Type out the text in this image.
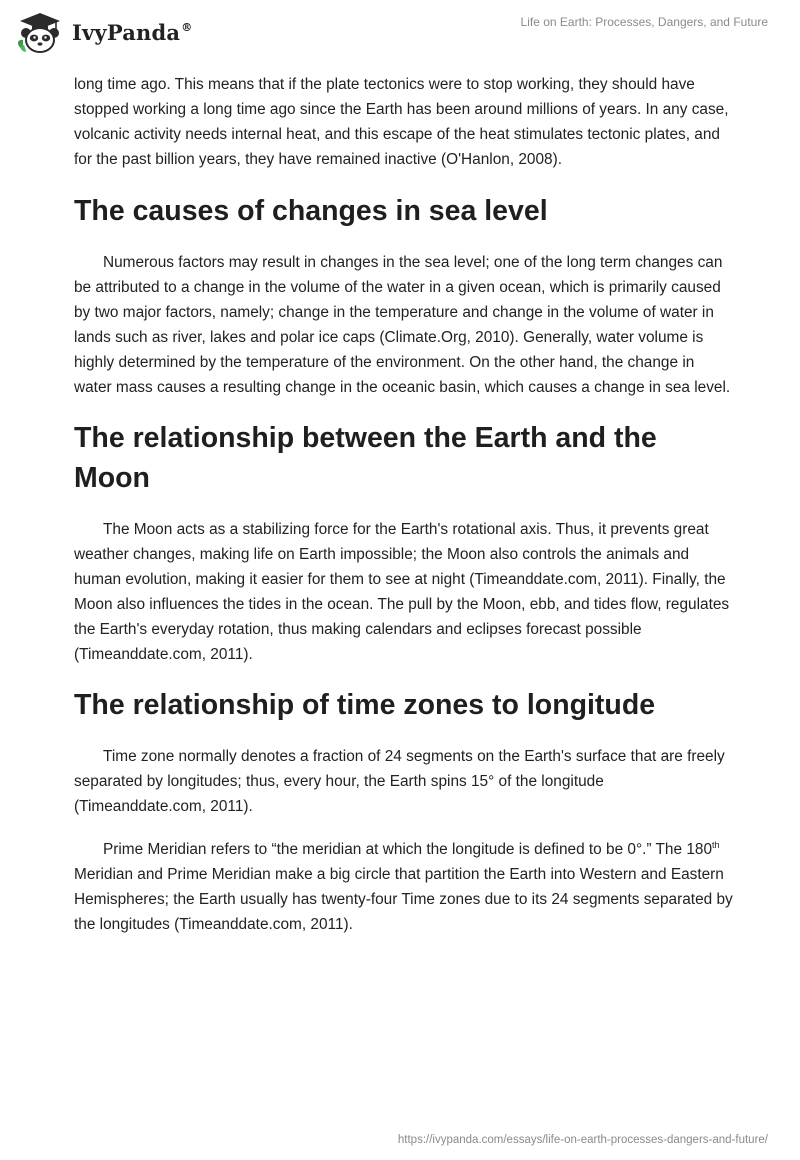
IvyPanda®	Life on Earth: Processes, Dangers, and Future

long time ago. This means that if the plate tectonics were to stop working, they should have stopped working a long time ago since the Earth has been around millions of years. In any case, volcanic activity needs internal heat, and this escape of the heat stimulates tectonic plates, and for the past billion years, they have remained inactive (O'Hanlon, 2008).

The causes of changes in sea level

Numerous factors may result in changes in the sea level; one of the long term changes can be attributed to a change in the volume of the water in a given ocean, which is primarily caused by two major factors, namely; change in the temperature and change in the volume of water in lands such as river, lakes and polar ice caps (Climate.Org, 2010). Generally, water volume is highly determined by the temperature of the environment. On the other hand, the change in water mass causes a resulting change in the oceanic basin, which causes a change in sea level.

The relationship between the Earth and the Moon

The Moon acts as a stabilizing force for the Earth's rotational axis. Thus, it prevents great weather changes, making life on Earth impossible; the Moon also controls the animals and human evolution, making it easier for them to see at night (Timeanddate.com, 2011). Finally, the Moon also influences the tides in the ocean. The pull by the Moon, ebb, and tides flow, regulates the Earth's everyday rotation, thus making calendars and eclipses forecast possible (Timeanddate.com, 2011).

The relationship of time zones to longitude

Time zone normally denotes a fraction of 24 segments on the Earth's surface that are freely separated by longitudes; thus, every hour, the Earth spins 15° of the longitude (Timeanddate.com, 2011).

Prime Meridian refers to “the meridian at which the longitude is defined to be 0°.” The 180th Meridian and Prime Meridian make a big circle that partition the Earth into Western and Eastern Hemispheres; the Earth usually has twenty-four Time zones due to its 24 segments separated by the longitudes (Timeanddate.com, 2011).

https://ivypanda.com/essays/life-on-earth-processes-dangers-and-future/
